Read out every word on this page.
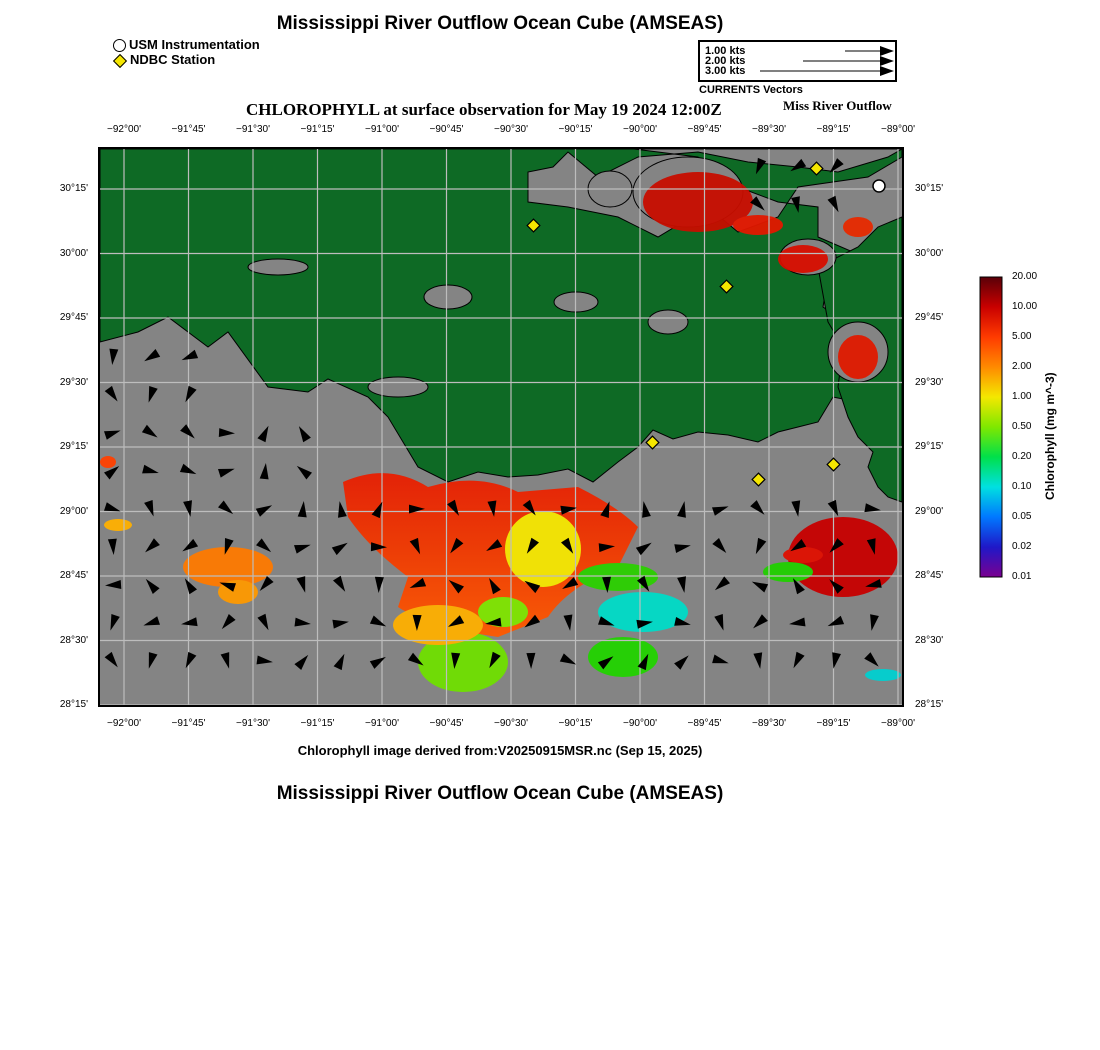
Mississippi River Outflow Ocean Cube (AMSEAS)
USM Instrumentation
NDBC Station
1.00 kts
2.00 kts
3.00 kts
CURRENTS Vectors
CHLOROPHYLL at surface observation for May 19 2024 12:00Z	Miss River Outflow
−92°00'	−91°45'	−91°30'	−91°15'	−91°00'	−90°45'	−90°30'	−90°15'	−90°00'	−89°45'	−89°30'	−89°15'	−89°00'
−92°00'	−91°45'	−91°30'	−91°15'	−91°00'	−90°45'	−90°30'	−90°15'	−90°00'	−89°45'	−89°30'	−89°15'	−89°00'
30°15'
30°00'
29°45'
29°30'
29°15'
29°00'
28°45'
28°30'
28°15'
30°15'
30°00'
29°45'
29°30'
29°15'
29°00'
28°45'
28°30'
28°15'
20.00
10.00
5.00
2.00
1.00
0.50
0.20
0.10
0.05
0.02
0.01
Chlorophyll (mg m^-3)
Chlorophyll image derived from:V20250915MSR.nc (Sep 15, 2025)
Mississippi River Outflow Ocean Cube (AMSEAS)
